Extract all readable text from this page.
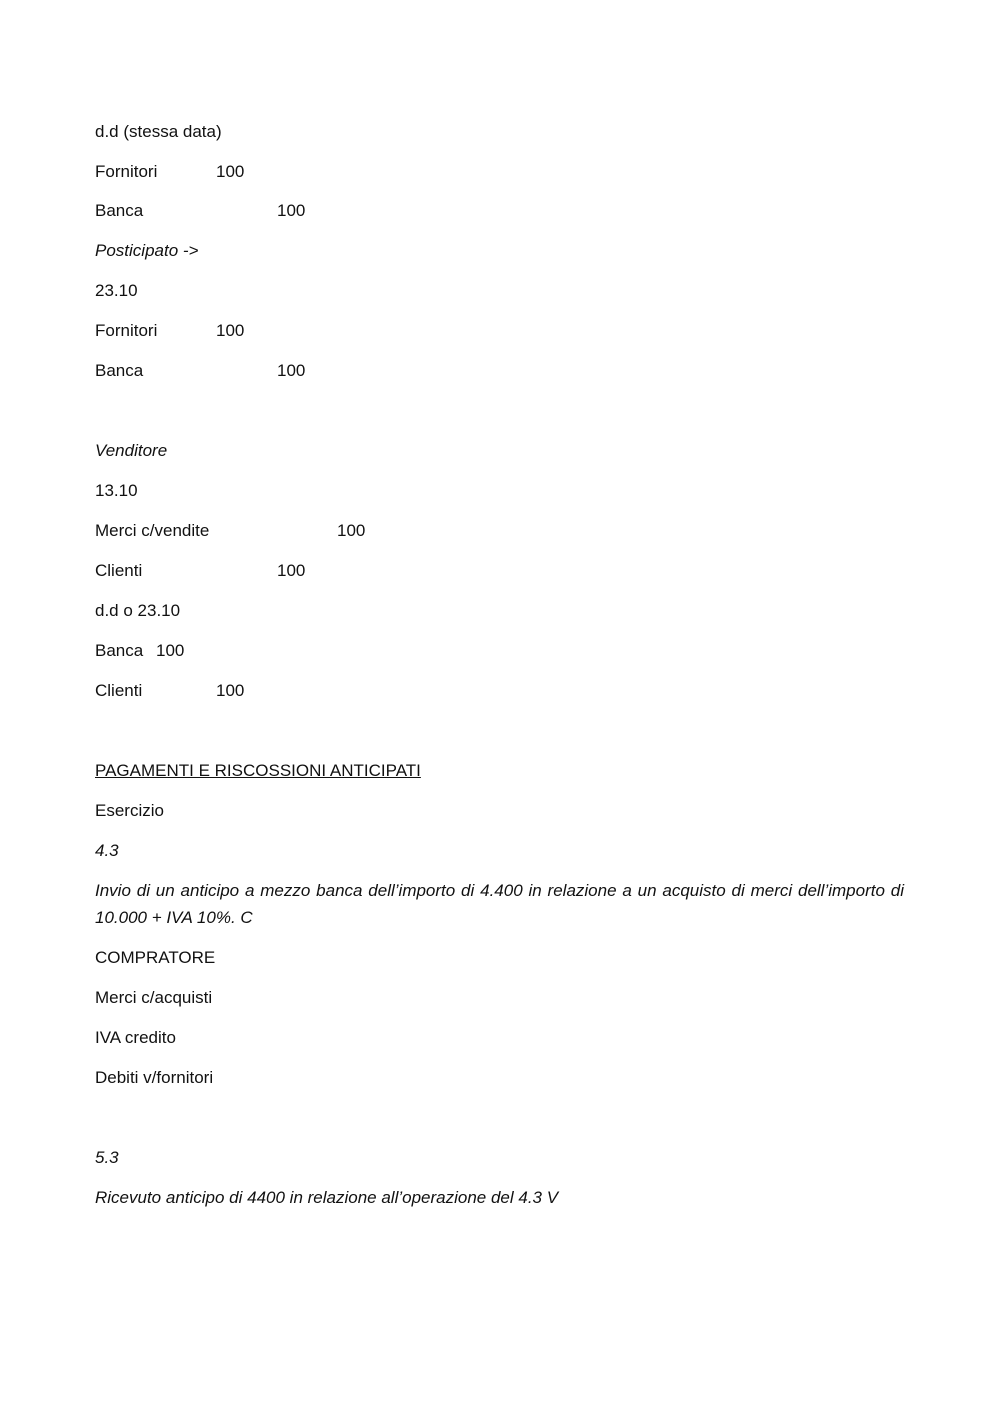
d.d (stessa data)
Fornitori	100
Banca	100
Posticipato ->
23.10
Fornitori	100
Banca	100
Venditore
13.10
Merci c/vendite	100
Clienti	100
d.d o 23.10
Banca 100
Clienti	100
PAGAMENTI E RISCOSSIONI ANTICIPATI
Esercizio
4.3
Invio di un anticipo a mezzo banca dell’importo di 4.400 in relazione a un acquisto di merci dell’importo di 10.000 + IVA 10%. C
COMPRATORE
Merci c/acquisti
IVA credito
Debiti v/fornitori
5.3
Ricevuto anticipo di 4400 in relazione all’operazione del 4.3 V
